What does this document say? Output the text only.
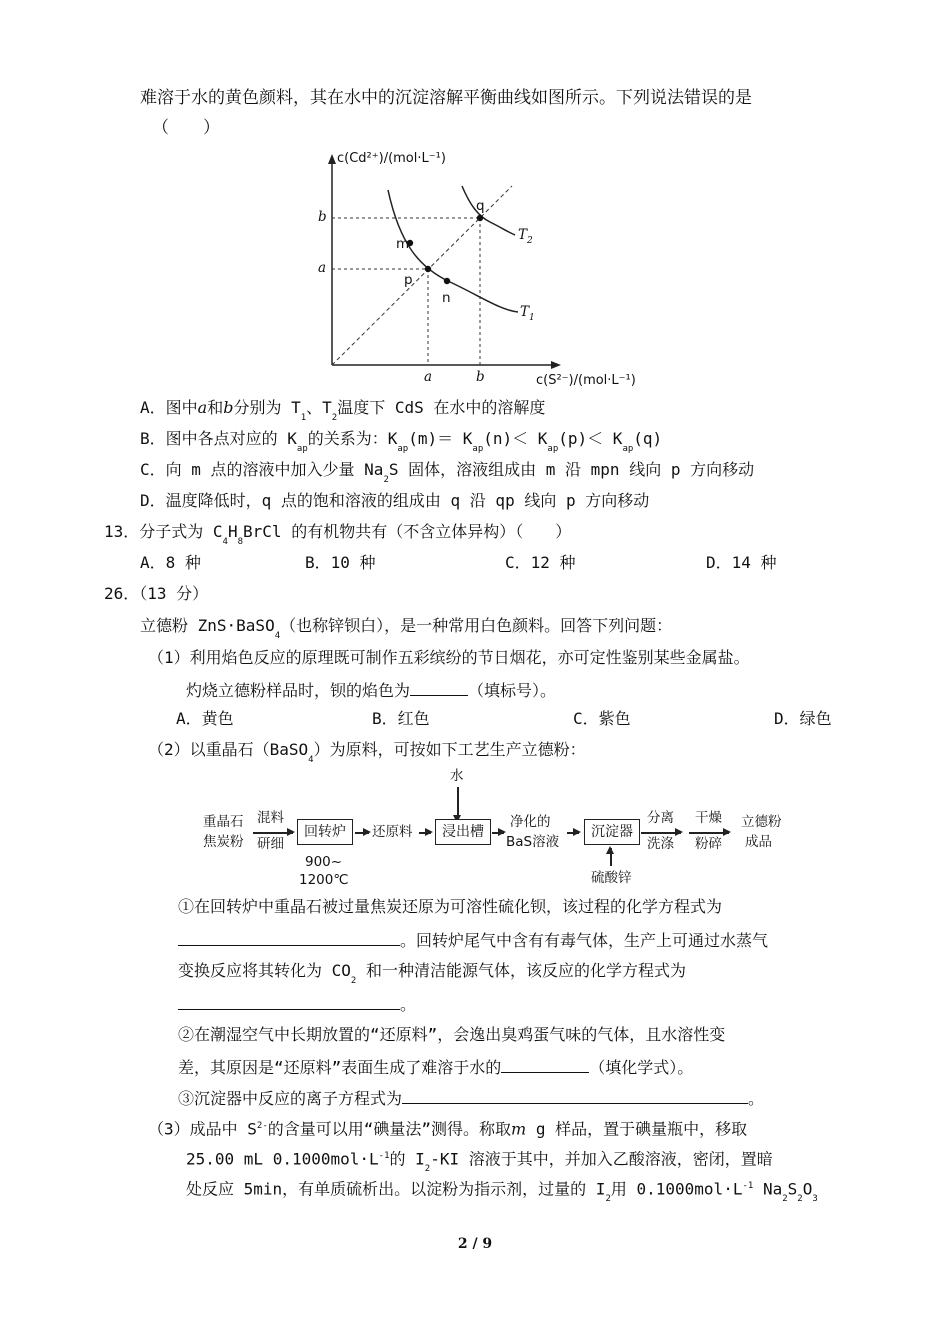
难溶于水的黄色颜料，其在水中的沉淀溶解平衡曲线如图所示。下列说法错误的是
（　　）
c(Cd²⁺)/(mol·L⁻¹)
c(S²⁻)/(mol·L⁻¹)
b
a
a	b
q
m
p
n
$T_2$
$T_1$
A．图中a和b分别为 $T_1$、$T_2$温度下 CdS 在水中的溶解度
B．图中各点对应的 $K_{ap}$的关系为：$K_{ap}(m)= K_{ap}(n)< K_{ap}(p)< K_{ap}(q)$
C．向 m 点的溶液中加入少量 $Na_2S$ 固体，溶液组成由 m 沿 mpn 线向 p 方向移动
D．温度降低时，q 点的饱和溶液的组成由 q 沿 qp 线向 p 方向移动
13．分子式为 $C_4H_8BrCl$ 的有机物共有（不含立体异构）（　　）
A．8 种	B．10 种	C．12 种	D．14 种
26．（13 分）
立德粉 ZnS·BaSO$_4$（也称锌钡白），是一种常用白色颜料。回答下列问题：
（1）利用焰色反应的原理既可制作五彩缤纷的节日烟花，亦可定性鉴别某些金属盐。
灼烧立德粉样品时，钡的焰色为	（填标号）。
A．黄色	B．红色	C．紫色	D．绿色
（2）以重晶石（BaSO$_4$）为原料，可按如下工艺生产立德粉：
水
重晶石
焦炭粉
混料
研细
回转炉
900~
1200℃
还原料	浸出槽
净化的
BaS溶液
沉淀器
硫酸锌
分离
洗涤
干燥
粉碎
立德粉
成品
①在回转炉中重晶石被过量焦炭还原为可溶性硫化钡，该过程的化学方程式为
。回转炉尾气中含有有毒气体，生产上可通过水蒸气
变换反应将其转化为 $CO_2$ 和一种清洁能源气体，该反应的化学方程式为
。
②在潮湿空气中长期放置的“还原料”，会逸出臭鸡蛋气味的气体，且水溶性变
差，其原因是“还原料”表面生成了难溶于水的	（填化学式）。
③沉淀器中反应的离子方程式为	。
（3）成品中 $S^{2-}$的含量可以用“碘量法”测得。称取m g 样品，置于碘量瓶中，移取
25.00 mL $0.1000mol\cdot L^{-1}$的 $I_2-KI$ 溶液于其中，并加入乙酸溶液，密闭，置暗
处反应 5min，有单质硫析出。以淀粉为指示剂，过量的 $I_2$用 $0.1000mol\cdot L^{-1}$ $Na_2S_2O_3$
2 / 9
